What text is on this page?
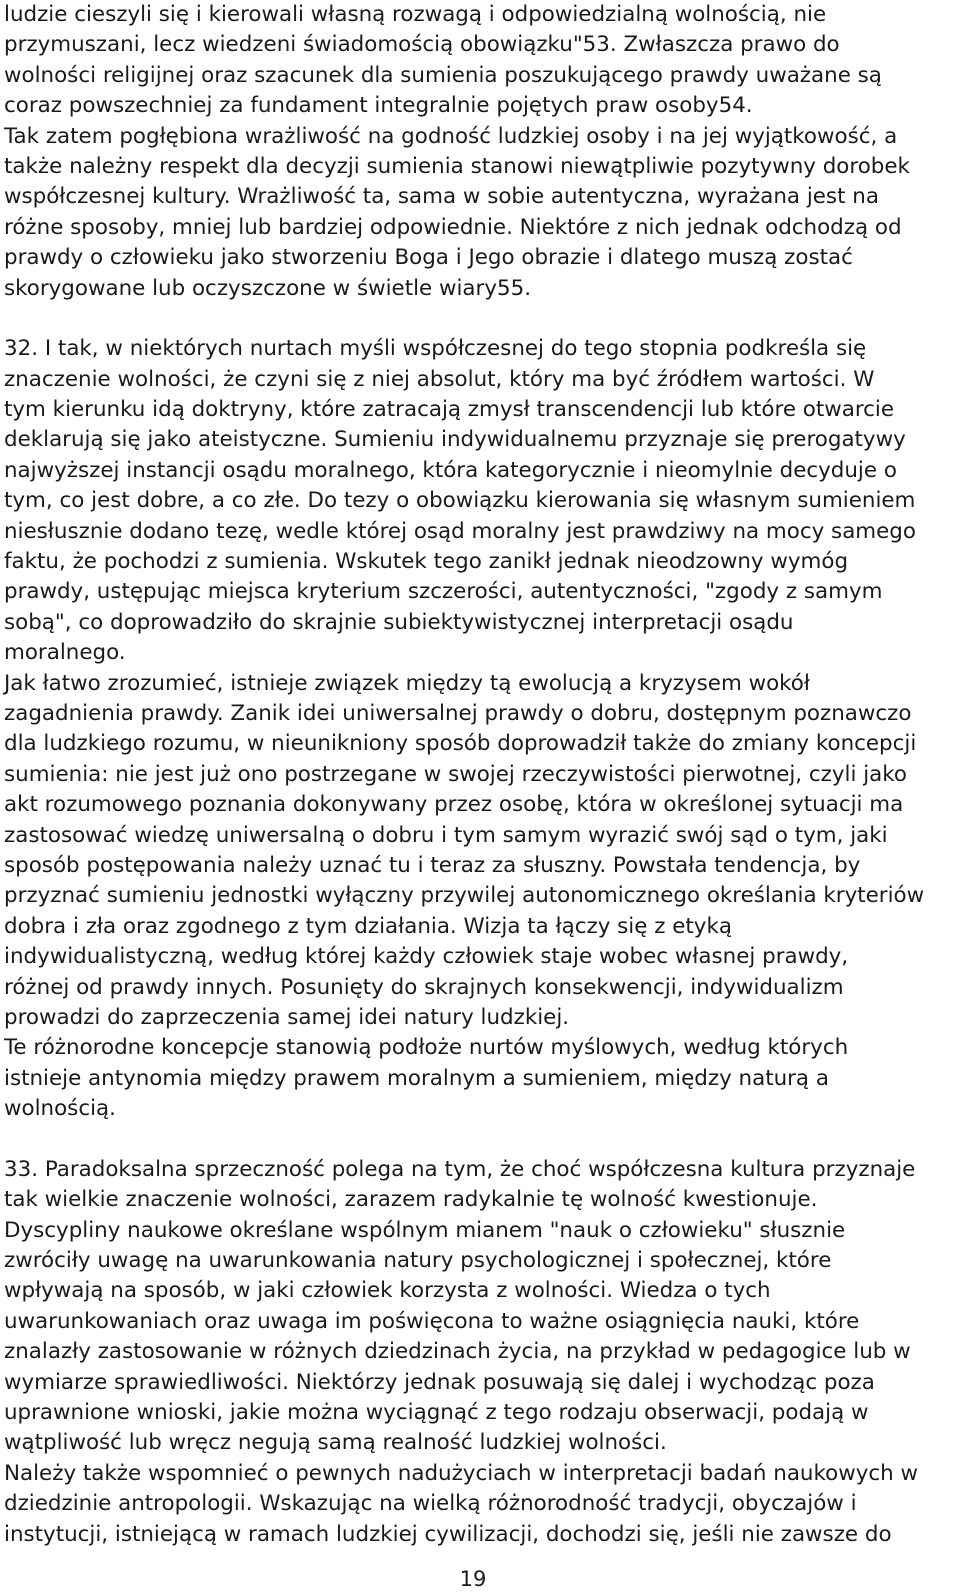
ludzie cieszyli się i kierowali własną rozwagą i odpowiedzialną wolnością, nie
przymuszani, lecz wiedzeni świadomością obowiązku"53. Zwłaszcza prawo do
wolności religijnej oraz szacunek dla sumienia poszukującego prawdy uważane są
coraz powszechniej za fundament integralnie pojętych praw osoby54.
Tak zatem pogłębiona wrażliwość na godność ludzkiej osoby i na jej wyjątkowość, a
także należny respekt dla decyzji sumienia stanowi niewątpliwie pozytywny dorobek
współczesnej kultury. Wrażliwość ta, sama w sobie autentyczna, wyrażana jest na
różne sposoby, mniej lub bardziej odpowiednie. Niektóre z nich jednak odchodzą od
prawdy o człowieku jako stworzeniu Boga i Jego obrazie i dlatego muszą zostać
skorygowane lub oczyszczone w świetle wiary55.
32. I tak, w niektórych nurtach myśli współczesnej do tego stopnia podkreśla się
znaczenie wolności, że czyni się z niej absolut, który ma być źródłem wartości. W
tym kierunku idą doktryny, które zatracają zmysł transcendencji lub które otwarcie
deklarują się jako ateistyczne. Sumieniu indywidualnemu przyznaje się prerogatywy
najwyższej instancji osądu moralnego, która kategorycznie i nieomylnie decyduje o
tym, co jest dobre, a co złe. Do tezy o obowiązku kierowania się własnym sumieniem
niesłusznie dodano tezę, wedle której osąd moralny jest prawdziwy na mocy samego
faktu, że pochodzi z sumienia. Wskutek tego zanikł jednak nieodzowny wymóg
prawdy, ustępując miejsca kryterium szczerości, autentyczności, "zgody z samym
sobą", co doprowadziło do skrajnie subiektywistycznej interpretacji osądu
moralnego.
Jak łatwo zrozumieć, istnieje związek między tą ewolucją a kryzysem wokół
zagadnienia prawdy. Zanik idei uniwersalnej prawdy o dobru, dostępnym poznawczo
dla ludzkiego rozumu, w nieunikniony sposób doprowadził także do zmiany koncepcji
sumienia: nie jest już ono postrzegane w swojej rzeczywistości pierwotnej, czyli jako
akt rozumowego poznania dokonywany przez osobę, która w określonej sytuacji ma
zastosować wiedzę uniwersalną o dobru i tym samym wyrazić swój sąd o tym, jaki
sposób postępowania należy uznać tu i teraz za słuszny. Powstała tendencja, by
przyznać sumieniu jednostki wyłączny przywilej autonomicznego określania kryteriów
dobra i zła oraz zgodnego z tym działania. Wizja ta łączy się z etyką
indywidualistyczną, według której każdy człowiek staje wobec własnej prawdy,
różnej od prawdy innych. Posunięty do skrajnych konsekwencji, indywidualizm
prowadzi do zaprzeczenia samej idei natury ludzkiej.
Te różnorodne koncepcje stanowią podłoże nurtów myślowych, według których
istnieje antynomia między prawem moralnym a sumieniem, między naturą a
wolnością.
33. Paradoksalna sprzeczność polega na tym, że choć współczesna kultura przyznaje
tak wielkie znaczenie wolności, zarazem radykalnie tę wolność kwestionuje.
Dyscypliny naukowe określane wspólnym mianem "nauk o człowieku" słusznie
zwróciły uwagę na uwarunkowania natury psychologicznej i społecznej, które
wpływają na sposób, w jaki człowiek korzysta z wolności. Wiedza o tych
uwarunkowaniach oraz uwaga im poświęcona to ważne osiągnięcia nauki, które
znalazły zastosowanie w różnych dziedzinach życia, na przykład w pedagogice lub w
wymiarze sprawiedliwości. Niektórzy jednak posuwają się dalej i wychodząc poza
uprawnione wnioski, jakie można wyciągnąć z tego rodzaju obserwacji, podają w
wątpliwość lub wręcz negują samą realność ludzkiej wolności.
Należy także wspomnieć o pewnych nadużyciach w interpretacji badań naukowych w
dziedzinie antropologii. Wskazując na wielką różnorodność tradycji, obyczajów i
instytucji, istniejącą w ramach ludzkiej cywilizacji, dochodzi się, jeśli nie zawsze do
19
